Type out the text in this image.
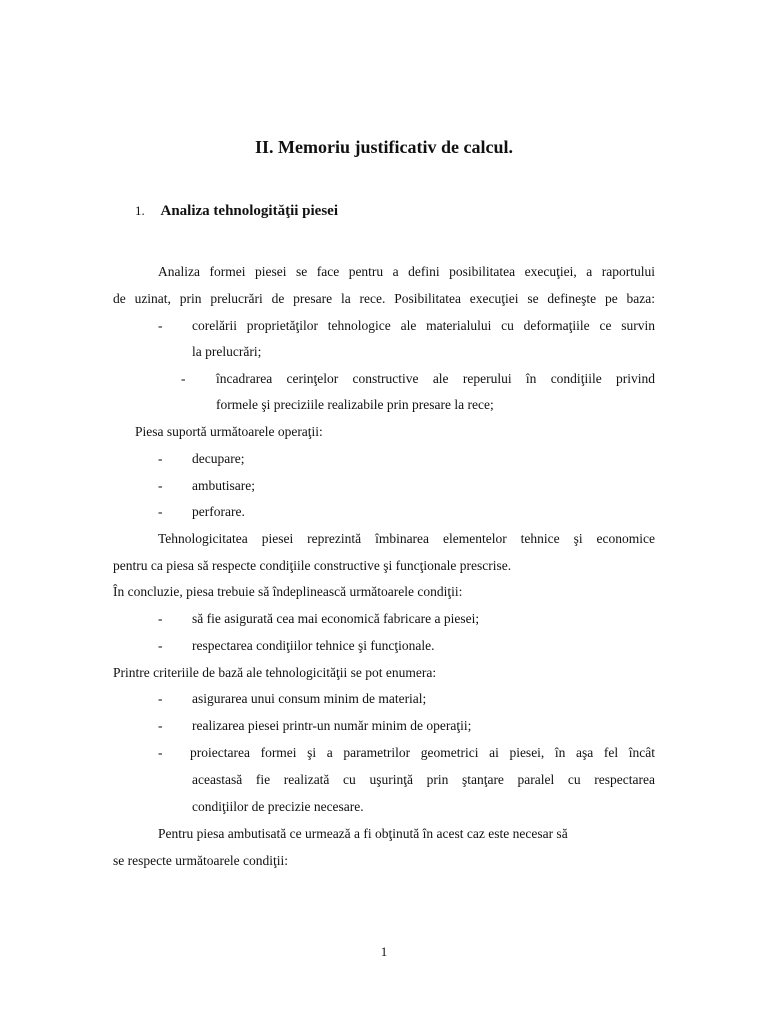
II. Memoriu justificativ de calcul.
1. Analiza tehnologităţii piesei
Analiza formei piesei se face pentru a defini posibilitatea execuţiei, a raportului
de uzinat, prin prelucrări de presare la rece. Posibilitatea execuţiei se defineşte pe baza:
- corelării proprietăţilor tehnologice ale materialului cu deformaţiile ce survin
la prelucrări;
- încadrarea cerinţelor constructive ale reperului în condiţiile privind
formele şi preciziile realizabile prin presare la rece;
Piesa suportă următoarele operaţii:
- decupare;
- ambutisare;
- perforare.
Tehnologicitatea piesei reprezintă îmbinarea elementelor tehnice şi economice
pentru ca piesa să respecte condiţiile constructive şi funcţionale prescrise.
În concluzie, piesa trebuie să îndeplinească următoarele condiţii:
- să fie asigurată cea mai economică fabricare a piesei;
- respectarea condiţiilor tehnice şi funcţionale.
Printre criteriile de bază ale tehnologicităţii se pot enumera:
- asigurarea unui consum minim de material;
- realizarea piesei printr-un număr minim de operaţii;
- proiectarea formei şi a parametrilor geometrici ai piesei, în aşa fel încât
aceastasă fie realizată cu uşurinţă prin ştanţare paralel cu respectarea
condiţiilor de precizie necesare.
Pentru piesa ambutisată ce urmează a fi obţinută în acest caz este necesar să
se respecte următoarele condiţii:
1
